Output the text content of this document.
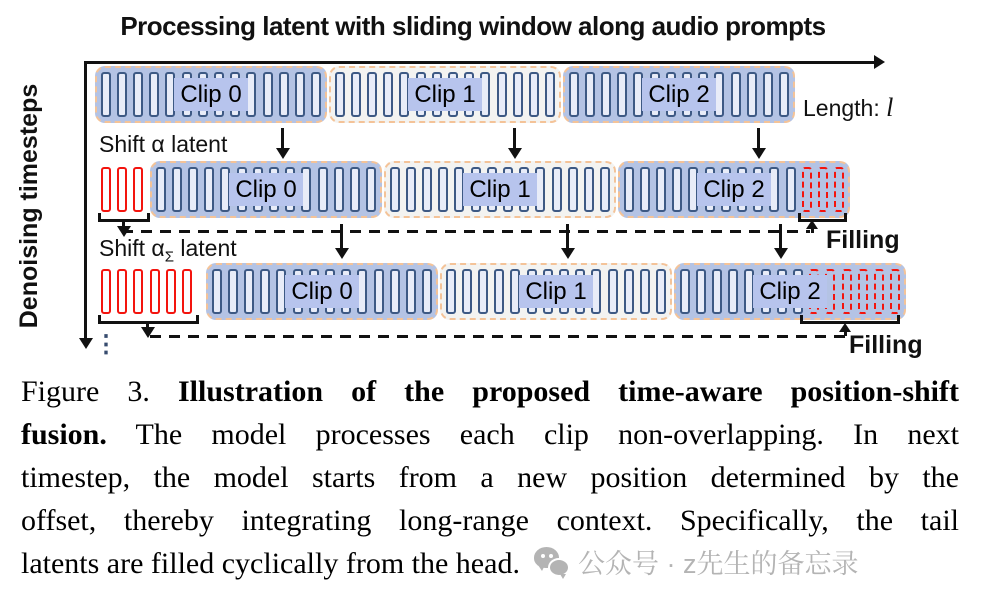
Processing latent with sliding window along audio prompts
Denoising timesteps	Shift α latent
Shift $\alpha_\Sigma$ latent
Length: l
Filling
Filling
⋮
Clip 0	Clip 1	Clip 2
Clip 0	Clip 1	Clip 2
Clip 0	Clip 1	Clip 2
Figure 3. Illustration of the proposed time-aware position-shift
fusion. The model processes each clip non-overlapping. In next
timestep, the model starts from a new position determined by the
offset, thereby integrating long-range context. Specifically, the tail
latents are filled cyclically from the head. 公众号 · z先生的备忘录
